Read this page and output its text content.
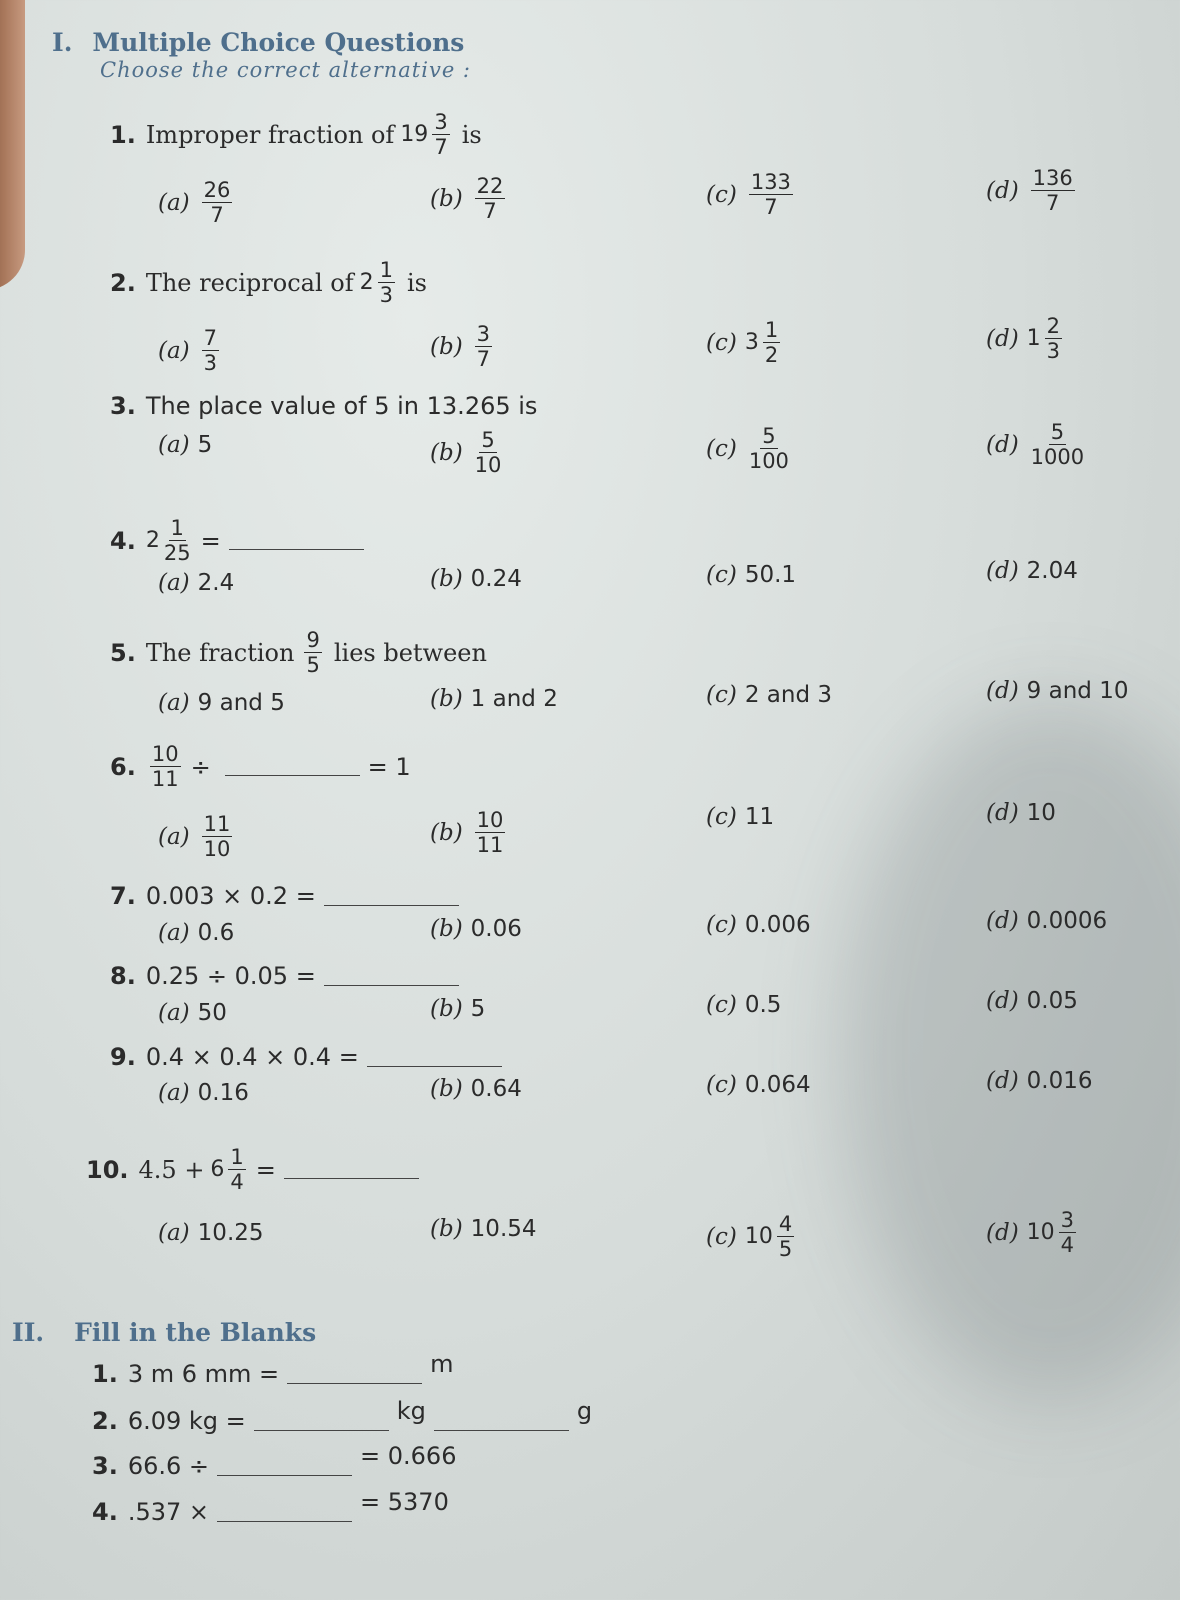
I. Multiple Choice Questions
Choose the correct alternative :
1. Improper fraction of $19 \frac{3}{7}$ is
$(a) \frac{26}{7}$	$(b) \frac{22}{7}$	$(c) \frac{133}{7}$	$(d) \frac{136}{7}$
2. The reciprocal of $2 \frac{1}{3}$ is
$(a) \frac{7}{3}$	$(b) \frac{3}{7}$	(c) $3 \frac{1}{2}$	(d) $1 \frac{2}{3}$
3. The place value of 5 in 13.265 is
(a) 5	$(b) \frac{5}{10}$	$(c) \frac{5}{100}$	$(d) \frac{5}{1000}$
4. $2 \frac{1}{25}$ =
(a) 2.4	(b) 0.24	(c) 50.1	(d) 2.04
5. The fraction $\frac{9}{5}$ lies between
(a) 9 and 5	(b) 1 and 2	(c) 2 and 3	(d) 9 and 10
6. $\frac{10}{11}$ ÷	= 1
$(a) \frac{11}{10}$	$(b) \frac{10}{11}$	(c) 11	(d) 10
7. 0.003 × 0.2 =
(a) 0.6	(b) 0.06	(c) 0.006	(d) 0.0006
8. 0.25 ÷ 0.05 =
(a) 50	(b) 5	(c) 0.5	(d) 0.05
9. 0.4 × 0.4 × 0.4 =
(a) 0.16	(b) 0.64	(c) 0.064	(d) 0.016
10. $4.5 + 6 \frac{1}{4}$ =
(a) 10.25	(b) 10.54	(c) $10 \frac{4}{5}$	(d) $10 \frac{3}{4}$
II. Fill in the Blanks
1. 3 m 6 mm =	m
2. 6.09 kg =	kg	g
3. 66.6 ÷	= 0.666
4. .537 ×	= 5370
